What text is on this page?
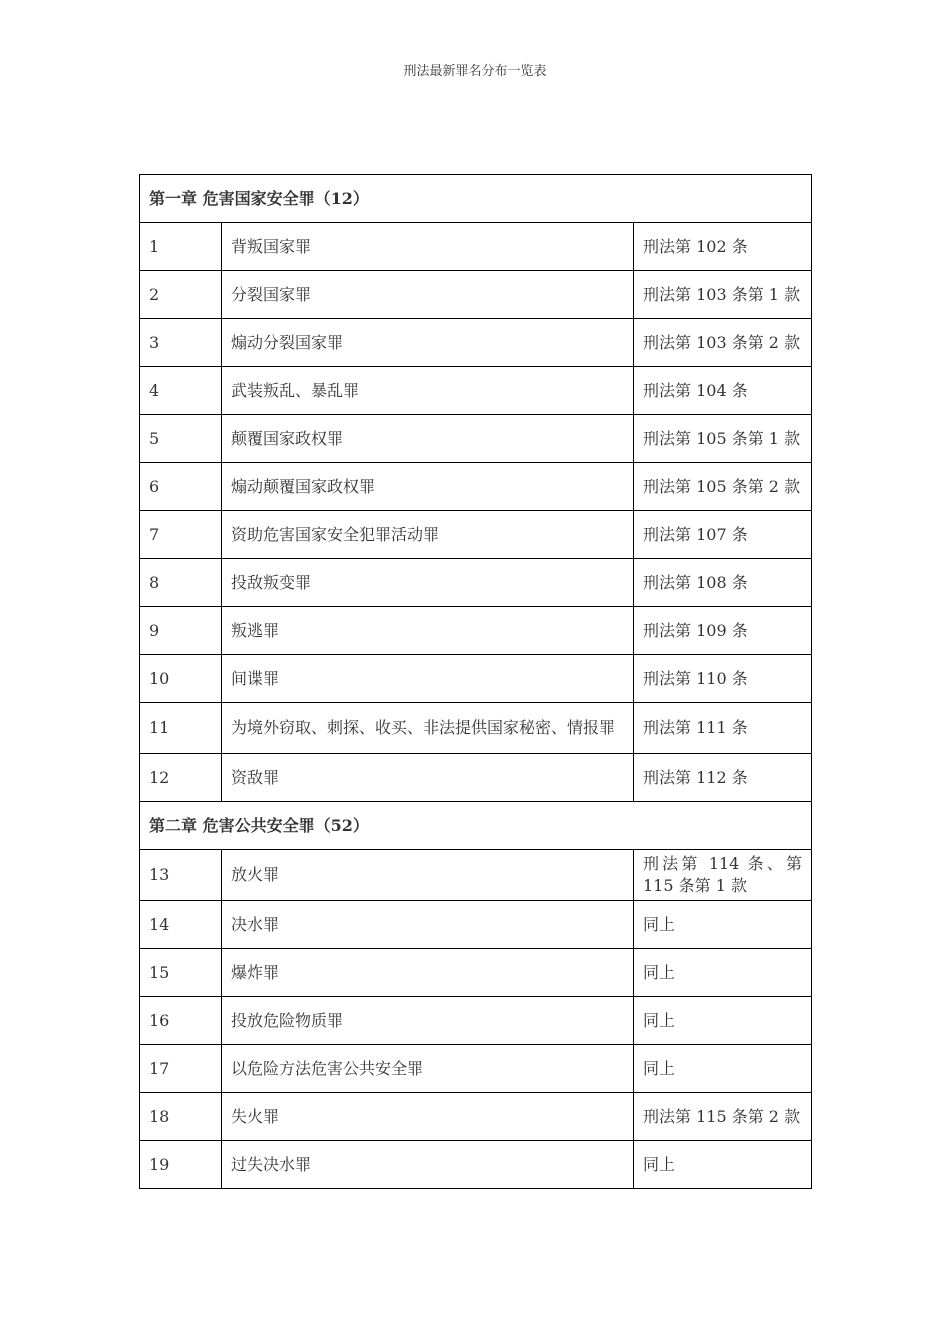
刑法最新罪名分布一览表
第一章 危害国家安全罪（12）		
1	背叛国家罪	刑法第 102 条
2	分裂国家罪	刑法第 103 条第 1 款
3	煽动分裂国家罪	刑法第 103 条第 2 款
4	武装叛乱、暴乱罪	刑法第 104 条
5	颠覆国家政权罪	刑法第 105 条第 1 款
6	煽动颠覆国家政权罪	刑法第 105 条第 2 款
7	资助危害国家安全犯罪活动罪	刑法第 107 条
8	投敌叛变罪	刑法第 108 条
9	叛逃罪	刑法第 109 条
10	间谍罪	刑法第 110 条
11	为境外窃取、刺探、收买、非法提供国家秘密、情报罪	刑法第 111 条
12	资敌罪	刑法第 112 条
第二章 危害公共安全罪（52）		
13	放火罪	刑法第 114 条、第 115 条第 1 款
14	决水罪	同上
15	爆炸罪	同上
16	投放危险物质罪	同上
17	以危险方法危害公共安全罪	同上
18	失火罪	刑法第 115 条第 2 款
19	过失决水罪	同上
